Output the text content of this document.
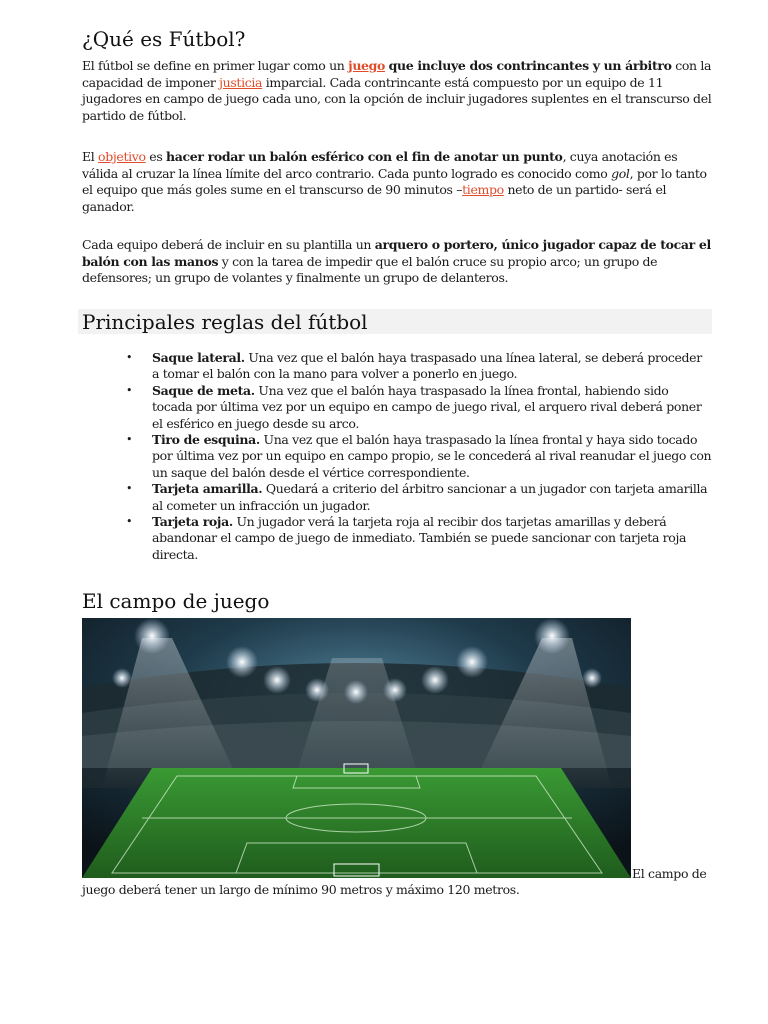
¿Qué es Fútbol?

El fútbol se define en primer lugar como un juego que incluye dos contrincantes y un árbitro con la capacidad de imponer justicia imparcial. Cada contrincante está compuesto por un equipo de 11 jugadores en campo de juego cada uno, con la opción de incluir jugadores suplentes en el transcurso del partido de fútbol.

El objetivo es hacer rodar un balón esférico con el fin de anotar un punto, cuya anotación es válida al cruzar la línea límite del arco contrario. Cada punto logrado es conocido como gol, por lo tanto el equipo que más goles sume en el transcurso de 90 minutos –tiempo neto de un partido- será el ganador.

Cada equipo deberá de incluir en su plantilla un arquero o portero, único jugador capaz de tocar el balón con las manos y con la tarea de impedir que el balón cruce su propio arco; un grupo de defensores; un grupo de volantes y finalmente un grupo de delanteros.

Principales reglas del fútbol
• Saque lateral. Una vez que el balón haya traspasado una línea lateral, se deberá proceder a tomar el balón con la mano para volver a ponerlo en juego.
• Saque de meta. Una vez que el balón haya traspasado la línea frontal, habiendo sido tocada por última vez por un equipo en campo de juego rival, el arquero rival deberá poner el esférico en juego desde su arco.
• Tiro de esquina. Una vez que el balón haya traspasado la línea frontal y haya sido tocado por última vez por un equipo en campo propio, se le concederá al rival reanudar el juego con un saque del balón desde el vértice correspondiente.
• Tarjeta amarilla. Quedará a criterio del árbitro sancionar a un jugador con tarjeta amarilla al cometer un infracción un jugador.
• Tarjeta roja. Un jugador verá la tarjeta roja al recibir dos tarjetas amarillas y deberá abandonar el campo de juego de inmediato. También se puede sancionar con tarjeta roja directa.
El campo de juego
El campo de
juego deberá tener un largo de mínimo 90 metros y máximo 120 metros.
